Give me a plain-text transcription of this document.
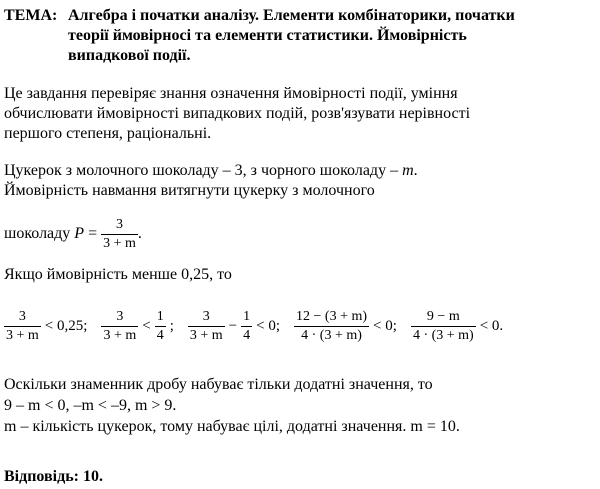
ТЕМА: Алгебра і початки аналізу. Елементи комбінаторики, початки
теорії ймовірносі та елементи статистики. Ймовірність
випадкової події.
Це завдання перевіряє знання означення ймовірності події, уміння
обчислювати ймовірності випадкових подій, розв'язувати нерівності
першого степеня, раціональні.
Цукерок з молочного шоколаду – 3, з чорного шоколаду – m.
Ймовірність навмання витягнути цукерку з молочного
шоколаду $P = \frac{3}{3 + m}$ .
Якщо ймовірність менше 0,25, то
$\frac{3}{3 + m} < 0,25$; $\frac{3}{3 + m} < \frac{1}{4}$ ; $\frac{3}{3 + m} - \frac{1}{4} < 0$; $\frac{12 - (3 + m)}{4 \cdot (3 + m)} < 0$; $\frac{9 - m}{4 \cdot (3 + m)} < 0$.
Оскільки знаменник дробу набуває тільки додатні значення, то
9 – m < 0, –m < –9, m > 9.
m – кількість цукерок, тому набуває цілі, додатні значення. m = 10.
Відповідь: 10.
